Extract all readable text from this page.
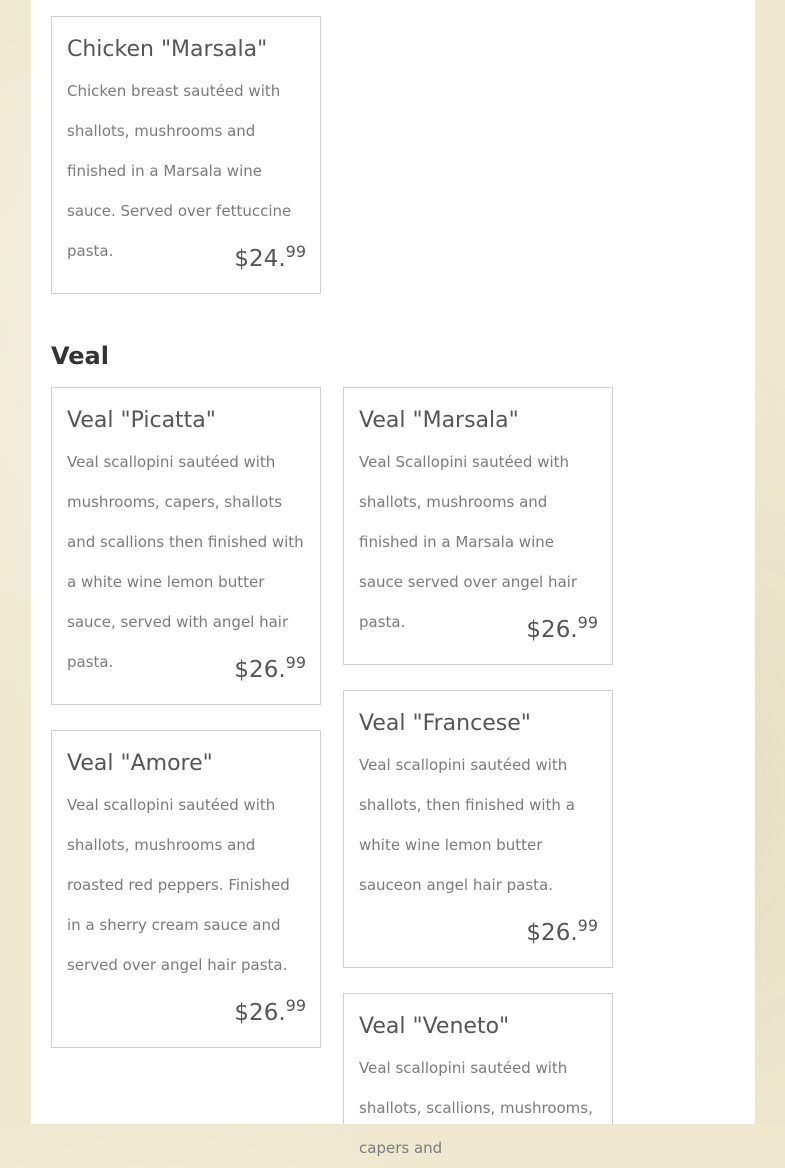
Chicken "Marsala"

Chicken breast sautéed with shallots, mushrooms and finished in a Marsala wine sauce. Served over fettuccine pasta.	$24.99
Veal
Veal "Picatta"

Veal scallopini sautéed with mushrooms, capers, shallots and scallions then finished with a white wine lemon butter sauce, served with angel hair pasta.	$26.99
Veal "Marsala"

Veal Scallopini sautéed with shallots, mushrooms and finished in a Marsala wine sauce served over angel hair pasta.	$26.99
Veal "Francese"

Veal scallopini sautéed with shallots, then finished with a white wine lemon butter sauceon angel hair pasta.

$26.99
Veal "Amore"

Veal scallopini sautéed with shallots, mushrooms and roasted red peppers. Finished in a sherry cream sauce and served over angel hair pasta.

$26.99
Veal "Veneto"

Veal scallopini sautéed with shallots, scallions, mushrooms, capers and
